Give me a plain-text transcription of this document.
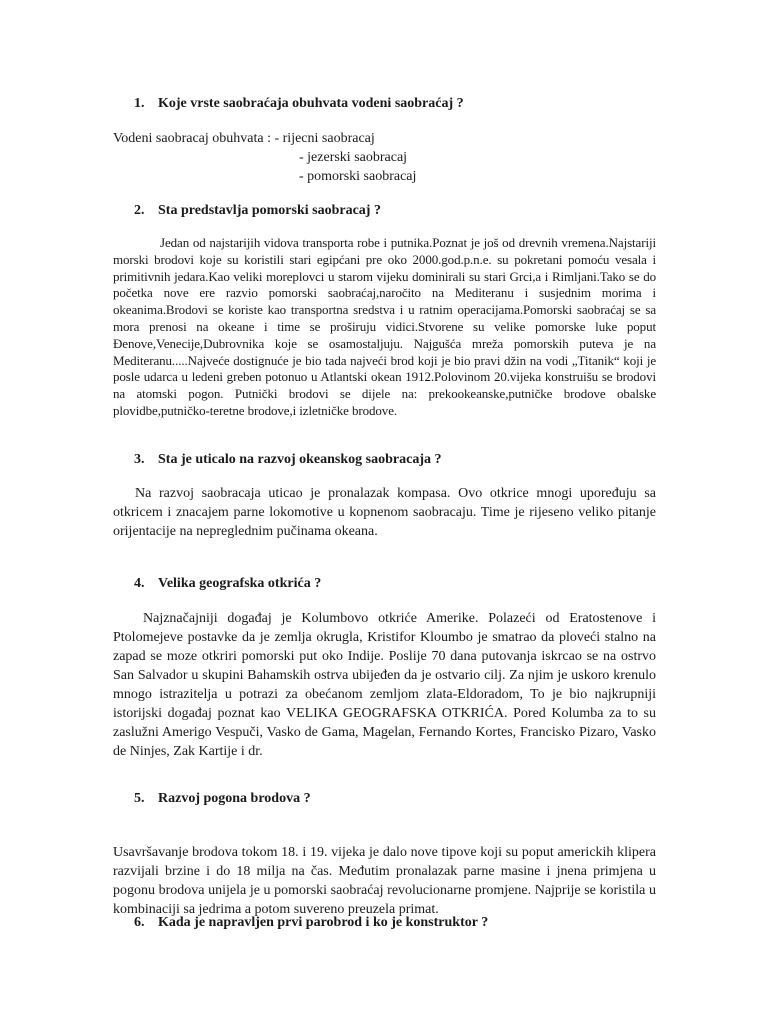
1. Koje vrste saobraćaja obuhvata vodeni saobraćaj ?
Vodeni saobracaj obuhvata : - rijecni saobracaj
- jezerski saobracaj
- pomorski saobracaj
2. Sta predstavlja pomorski saobracaj ?

Jedan od najstarijih vidova transporta robe i putnika.Poznat je još od drevnih vremena.Najstariji morski brodovi koje su koristili stari egipćani pre oko 2000.god.p.n.e. su pokretani pomoću vesala i primitivnih jedara.Kao veliki moreplovci u starom vijeku dominirali su stari Grci,a i Rimljani.Tako se do početka nove ere razvio pomorski saobraćaj,naročito na Mediteranu i susjednim morima i okeanima.Brodovi se koriste kao transportna sredstva i u ratnim operacijama.Pomorski saobraćaj se sa mora prenosi na okeane i time se proširuju vidici.Stvorene su velike pomorske luke poput Đenove,Venecije,Dubrovnika koje se osamostaljuju. Najgušća mreža pomorskih puteva je na Mediteranu.....Najveće dostignuće je bio tada najveći brod koji je bio pravi džin na vodi „Titanik“ koji je posle udarca u ledeni greben potonuo u Atlantski okean 1912.Polovinom 20.vijeka konstruišu se brodovi na atomski pogon. Putnički brodovi se dijele na: prekookeanske,putničke brodove obalske plovidbe,putničko-teretne brodove,i izletničke brodove.

3. Sta je uticalo na razvoj okeanskog saobracaja ?

Na razvoj saobracaja uticao je pronalazak kompasa. Ovo otkrice mnogi upoređuju sa otkricem i znacajem parne lokomotive u kopnenom saobracaju. Time je rijeseno veliko pitanje orijentacije na nepreglednim pučinama okeana.

4. Velika geografska otkrića ?

Najznačajniji događaj je Kolumbovo otkriće Amerike. Polazeći od Eratostenove i Ptolomejeve postavke da je zemlja okrugla, Kristifor Kloumbo je smatrao da ploveći stalno na zapad se moze otkriri pomorski put oko Indije. Poslije 70 dana putovanja iskrcao se na ostrvo San Salvador u skupini Bahamskih ostrva ubijeđen da je ostvario cilj. Za njim je uskoro krenulo mnogo istrazitelja u potrazi za obećanom zemljom zlata-Eldoradom, To je bio najkrupniji istorijski događaj poznat kao VELIKA GEOGRAFSKA OTKRIĆA. Pored Kolumba za to su zaslužni Amerigo Vespuči, Vasko de Gama, Magelan, Fernando Kortes, Francisko Pizaro, Vasko de Ninjes, Zak Kartije i dr.

5. Razvoj pogona brodova ?

Usavršavanje brodova tokom 18. i 19. vijeka je dalo nove tipove koji su poput americkih klipera razvijali brzine i do 18 milja na čas. Međutim pronalazak parne masine i jnena primjena u pogonu brodova unijela je u pomorski saobraćaj revolucionarne promjene. Najprije se koristila u kombinaciji sa jedrima a potom suvereno preuzela primat.

6. Kada je napravljen prvi parobrod i ko je konstruktor ?
